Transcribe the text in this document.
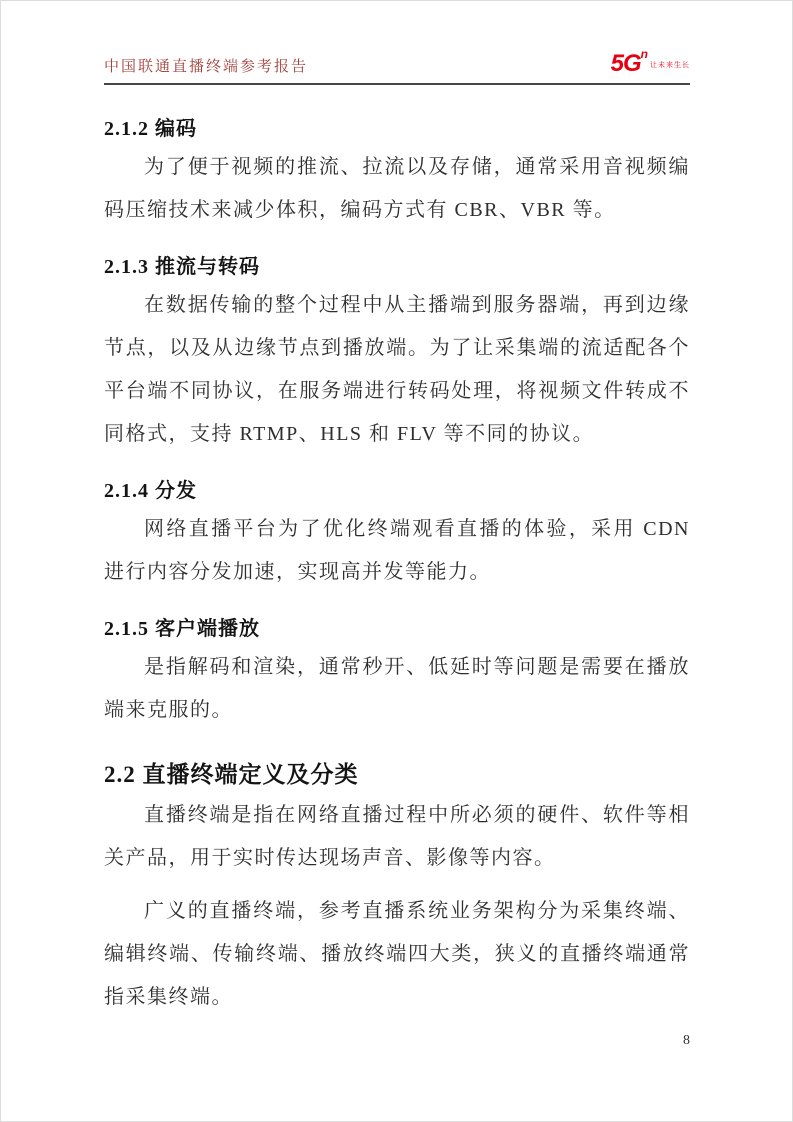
中国联通直播终端参考报告	5G n
让未来生长
2.1.2 编码

为了便于视频的推流、拉流以及存储，通常采用音视频编码压缩技术来减少体积，编码方式有 CBR、VBR 等。

2.1.3 推流与转码

在数据传输的整个过程中从主播端到服务器端，再到边缘节点，以及从边缘节点到播放端。为了让采集端的流适配各个平台端不同协议，在服务端进行转码处理，将视频文件转成不同格式，支持 RTMP、HLS 和 FLV 等不同的协议。

2.1.4 分发

网络直播平台为了优化终端观看直播的体验，采用 CDN 进行内容分发加速，实现高并发等能力。

2.1.5 客户端播放

是指解码和渲染，通常秒开、低延时等问题是需要在播放端来克服的。

2.2 直播终端定义及分类

直播终端是指在网络直播过程中所必须的硬件、软件等相关产品，用于实时传达现场声音、影像等内容。

广义的直播终端，参考直播系统业务架构分为采集终端、编辑终端、传输终端、播放终端四大类，狭义的直播终端通常指采集终端。

8
